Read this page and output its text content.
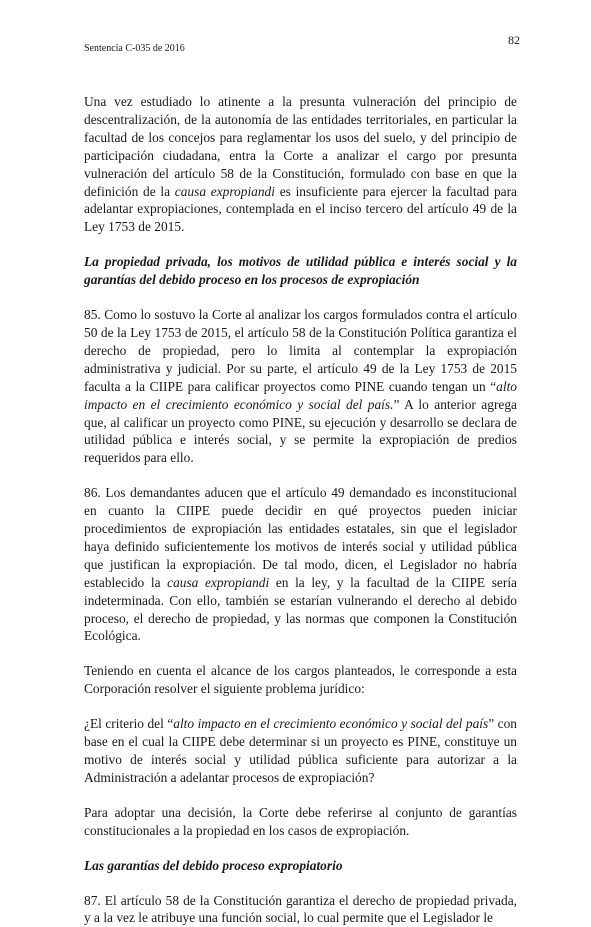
Sentencia C-035 de 2016
82

Una vez estudiado lo atinente a la presunta vulneración del principio de descentralización, de la autonomía de las entidades territoriales, en particular la facultad de los concejos para reglamentar los usos del suelo, y del principio de participación ciudadana, entra la Corte a analizar el cargo por presunta vulneración del artículo 58 de la Constitución, formulado con base en que la definición de la causa expropiandi es insuficiente para ejercer la facultad para adelantar expropiaciones, contemplada en el inciso tercero del artículo 49 de la Ley 1753 de 2015.

La propiedad privada, los motivos de utilidad pública e interés social y la garantías del debido proceso en los procesos de expropiación

85. Como lo sostuvo la Corte al analizar los cargos formulados contra el artículo 50 de la Ley 1753 de 2015, el artículo 58 de la Constitución Política garantiza el derecho de propiedad, pero lo limita al contemplar la expropiación administrativa y judicial. Por su parte, el artículo 49 de la Ley 1753 de 2015 faculta a la CIIPE para calificar proyectos como PINE cuando tengan un “alto impacto en el crecimiento económico y social del país.” A lo anterior agrega que, al calificar un proyecto como PINE, su ejecución y desarrollo se declara de utilidad pública e interés social, y se permite la expropiación de predios requeridos para ello.

86. Los demandantes aducen que el artículo 49 demandado es inconstitucional en cuanto la CIIPE puede decidir en qué proyectos pueden iniciar procedimientos de expropiación las entidades estatales, sin que el legislador haya definido suficientemente los motivos de interés social y utilidad pública que justifican la expropiación. De tal modo, dicen, el Legislador no habría establecido la causa expropiandi en la ley, y la facultad de la CIIPE sería indeterminada. Con ello, también se estarían vulnerando el derecho al debido proceso, el derecho de propiedad, y las normas que componen la Constitución Ecológica.

Teniendo en cuenta el alcance de los cargos planteados, le corresponde a esta Corporación resolver el siguiente problema jurídico:

¿El criterio del “alto impacto en el crecimiento económico y social del país” con base en el cual la CIIPE debe determinar si un proyecto es PINE, constituye un motivo de interés social y utilidad pública suficiente para autorizar a la Administración a adelantar procesos de expropiación?

Para adoptar una decisión, la Corte debe referirse al conjunto de garantías constitucionales a la propiedad en los casos de expropiación.

Las garantías del debido proceso expropiatorio

87. El artículo 58 de la Constitución garantiza el derecho de propiedad privada, y a la vez le atribuye una función social, lo cual permite que el Legislador le
